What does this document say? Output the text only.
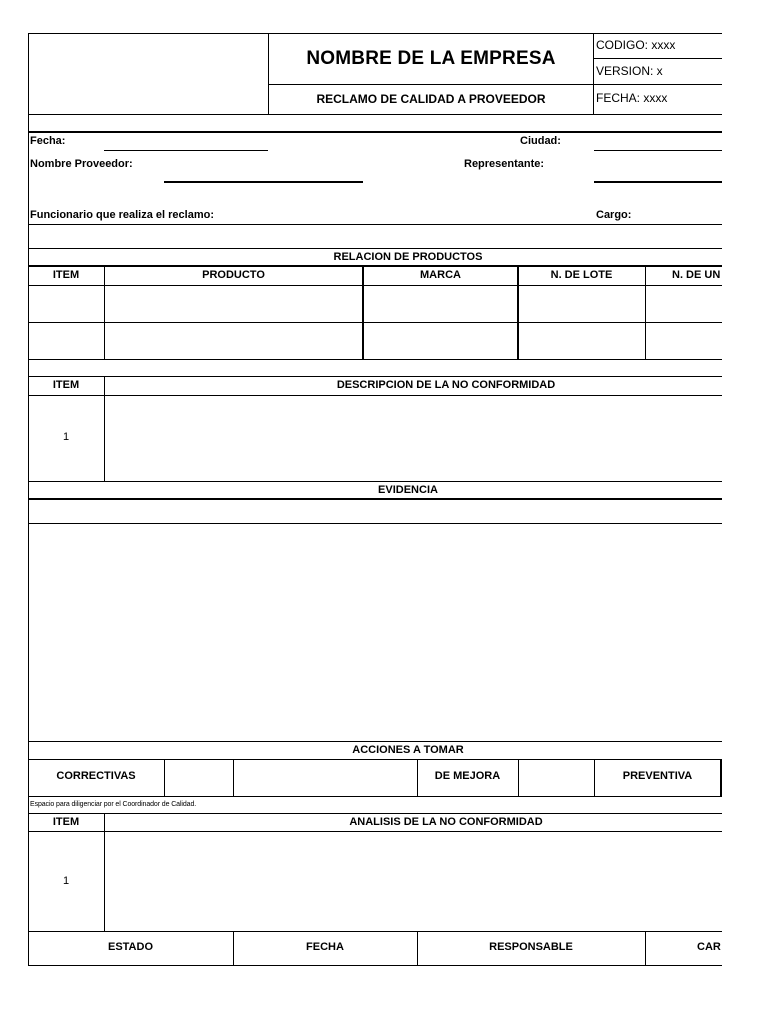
NOMBRE DE LA EMPRESA
RECLAMO DE CALIDAD A PROVEEDOR
CODIGO: xxxx
VERSION: x
FECHA: xxxx
Fecha:	Ciudad:
Nombre Proveedor:	Representante:
Funcionario que realiza el reclamo:	Cargo:
RELACION DE PRODUCTOS
ITEM	PRODUCTO	MARCA	N. DE LOTE	N. DE UN
ITEM	DESCRIPCION DE LA NO CONFORMIDAD
1
EVIDENCIA
ACCIONES A TOMAR
CORRECTIVAS	DE MEJORA	PREVENTIVA
Espacio para diligenciar por el Coordinador de Calidad.
ITEM	ANALISIS DE LA NO CONFORMIDAD
1
ESTADO	FECHA	RESPONSABLE	CAR
